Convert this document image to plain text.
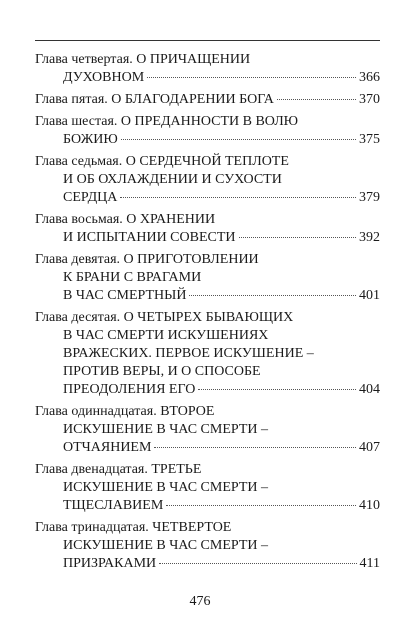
Глава четвертая. О ПРИЧАЩЕНИИ
ДУХОВНОМ	366
Глава пятая. О БЛАГОДАРЕНИИ БОГА	370
Глава шестая. О ПРЕДАННОСТИ В ВОЛЮ
БОЖИЮ	375
Глава седьмая. О СЕРДЕЧНОЙ ТЕПЛОТЕ
И ОБ ОХЛАЖДЕНИИ И СУХОСТИ
СЕРДЦА	379
Глава восьмая. О ХРАНЕНИИ
И ИСПЫТАНИИ СОВЕСТИ	392
Глава девятая. О ПРИГОТОВЛЕНИИ
К БРАНИ С ВРАГАМИ
В ЧАС СМЕРТНЫЙ	401
Глава десятая. О ЧЕТЫРЕХ БЫВАЮЩИХ
В ЧАС СМЕРТИ ИСКУШЕНИЯХ
ВРАЖЕСКИХ. ПЕРВОЕ ИСКУШЕНИЕ –
ПРОТИВ ВЕРЫ, И О СПОСОБЕ
ПРЕОДОЛЕНИЯ ЕГО	404
Глава одиннадцатая. ВТОРОЕ
ИСКУШЕНИЕ В ЧАС СМЕРТИ –
ОТЧАЯНИЕМ	407
Глава двенадцатая. ТРЕТЬЕ
ИСКУШЕНИЕ В ЧАС СМЕРТИ –
ТЩЕСЛАВИЕМ	410
Глава тринадцатая. ЧЕТВЕРТОЕ
ИСКУШЕНИЕ В ЧАС СМЕРТИ –
ПРИЗРАКАМИ	411
476
